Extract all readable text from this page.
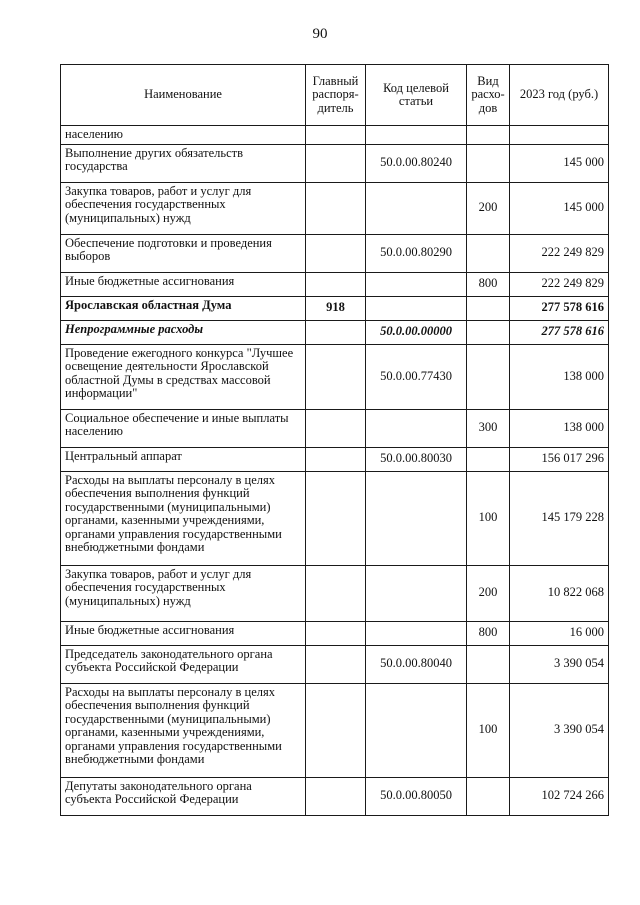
90
Наименование	Главный распоря-дитель	Код целевой статьи	Вид расхо-дов	2023 год (руб.)
населению				
Выполнение других обязательств государства		50.0.00.80240		145 000
Закупка товаров, работ и услуг для обеспечения государственных (муниципальных) нужд			200	145 000
Обеспечение подготовки и проведения выборов		50.0.00.80290		222 249 829
Иные бюджетные ассигнования			800	222 249 829
Ярославская областная Дума	918			277 578 616
Непрограммные расходы		50.0.00.00000		277 578 616
Проведение ежегодного конкурса "Лучшее освещение деятельности Ярославской областной Думы в средствах массовой информации"		50.0.00.77430		138 000
Социальное обеспечение и иные выплаты населению			300	138 000
Центральный аппарат		50.0.00.80030		156 017 296
Расходы на выплаты персоналу в целях обеспечения выполнения функций государственными (муниципальными) органами, казенными учреждениями, органами управления государственными внебюджетными фондами			100	145 179 228
Закупка товаров, работ и услуг для обеспечения государственных (муниципальных) нужд			200	10 822 068
Иные бюджетные ассигнования			800	16 000
Председатель законодательного органа субъекта Российской Федерации		50.0.00.80040		3 390 054
Расходы на выплаты персоналу в целях обеспечения выполнения функций государственными (муниципальными) органами, казенными учреждениями, органами управления государственными внебюджетными фондами			100	3 390 054
Депутаты законодательного органа субъекта Российской Федерации		50.0.00.80050		102 724 266
